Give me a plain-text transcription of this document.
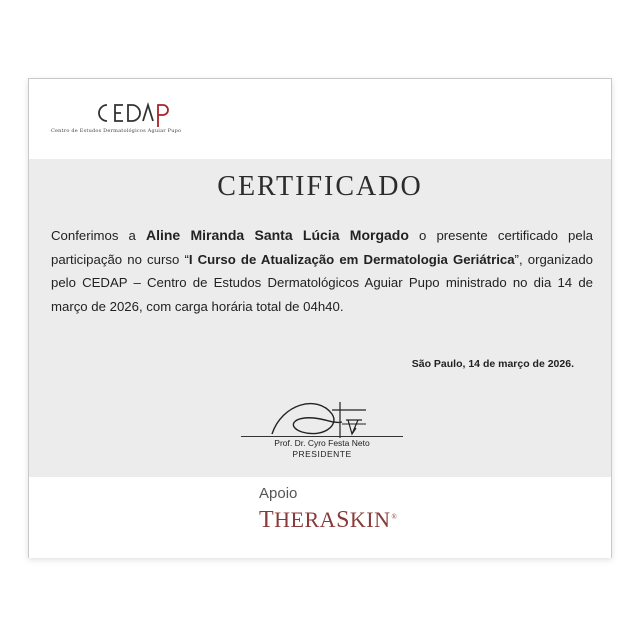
Centro de Estudos Dermatológicos Aguiar Pupo
CERTIFICADO

Conferimos a Aline Miranda Santa Lúcia Morgado o presente certificado pela participação no curso “I Curso de Atualização em Dermatologia Geriátrica”, organizado pelo CEDAP – Centro de Estudos Dermatológicos Aguiar Pupo ministrado no dia 14 de março de 2026, com carga horária total de 04h40.

São Paulo, 14 de março de 2026.
Prof. Dr. Cyro Festa Neto
PRESIDENTE
Apoio
THERASKIN®
